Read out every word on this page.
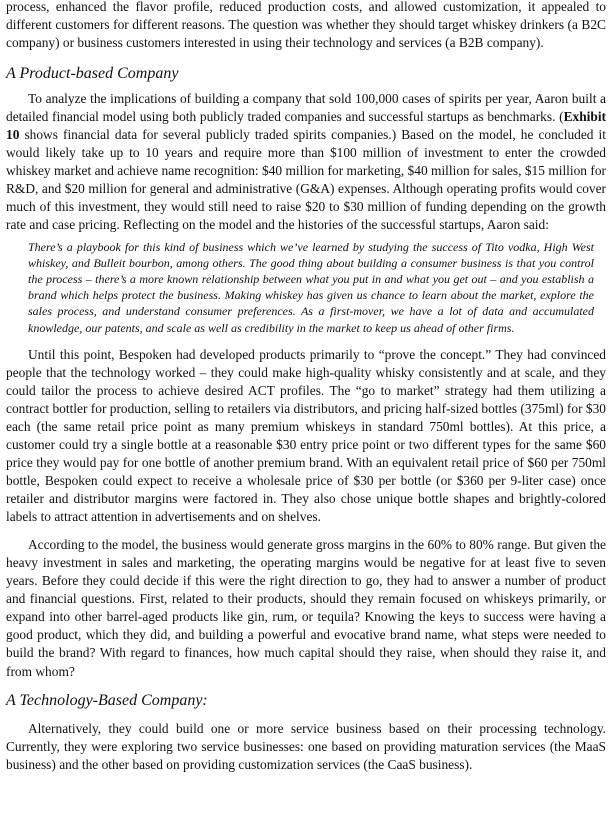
process, enhanced the flavor profile, reduced production costs, and allowed customization, it appealed to different customers for different reasons. The question was whether they should target whiskey drinkers (a B2C company) or business customers interested in using their technology and services (a B2B company).

A Product-based Company

To analyze the implications of building a company that sold 100,000 cases of spirits per year, Aaron built a detailed financial model using both publicly traded companies and successful startups as benchmarks. (Exhibit 10 shows financial data for several publicly traded spirits companies.) Based on the model, he concluded it would likely take up to 10 years and require more than $100 million of investment to enter the crowded whiskey market and achieve name recognition: $40 million for marketing, $40 million for sales, $15 million for R&D, and $20 million for general and administrative (G&A) expenses. Although operating profits would cover much of this investment, they would still need to raise $20 to $30 million of funding depending on the growth rate and case pricing. Reflecting on the model and the histories of the successful startups, Aaron said:

There’s a playbook for this kind of business which we’ve learned by studying the success of Tito vodka, High West whiskey, and Bulleit bourbon, among others. The good thing about building a consumer business is that you control the process – there’s a more known relationship between what you put in and what you get out – and you establish a brand which helps protect the business. Making whiskey has given us chance to learn about the market, explore the sales process, and understand consumer preferences. As a first-mover, we have a lot of data and accumulated knowledge, our patents, and scale as well as credibility in the market to keep us ahead of other firms.

Until this point, Bespoken had developed products primarily to “prove the concept.” They had convinced people that the technology worked – they could make high-quality whisky consistently and at scale, and they could tailor the process to achieve desired ACT profiles. The “go to market” strategy had them utilizing a contract bottler for production, selling to retailers via distributors, and pricing half-sized bottles (375ml) for $30 each (the same retail price point as many premium whiskeys in standard 750ml bottles). At this price, a customer could try a single bottle at a reasonable $30 entry price point or two different types for the same $60 price they would pay for one bottle of another premium brand. With an equivalent retail price of $60 per 750ml bottle, Bespoken could expect to receive a wholesale price of $30 per bottle (or $360 per 9-liter case) once retailer and distributor margins were factored in. They also chose unique bottle shapes and brightly-colored labels to attract attention in advertisements and on shelves.

According to the model, the business would generate gross margins in the 60% to 80% range. But given the heavy investment in sales and marketing, the operating margins would be negative for at least five to seven years. Before they could decide if this were the right direction to go, they had to answer a number of product and financial questions. First, related to their products, should they remain focused on whiskeys primarily, or expand into other barrel-aged products like gin, rum, or tequila? Knowing the keys to success were having a good product, which they did, and building a powerful and evocative brand name, what steps were needed to build the brand? With regard to finances, how much capital should they raise, when should they raise it, and from whom?

A Technology-Based Company:

Alternatively, they could build one or more service business based on their processing technology. Currently, they were exploring two service businesses: one based on providing maturation services (the MaaS business) and the other based on providing customization services (the CaaS business).
